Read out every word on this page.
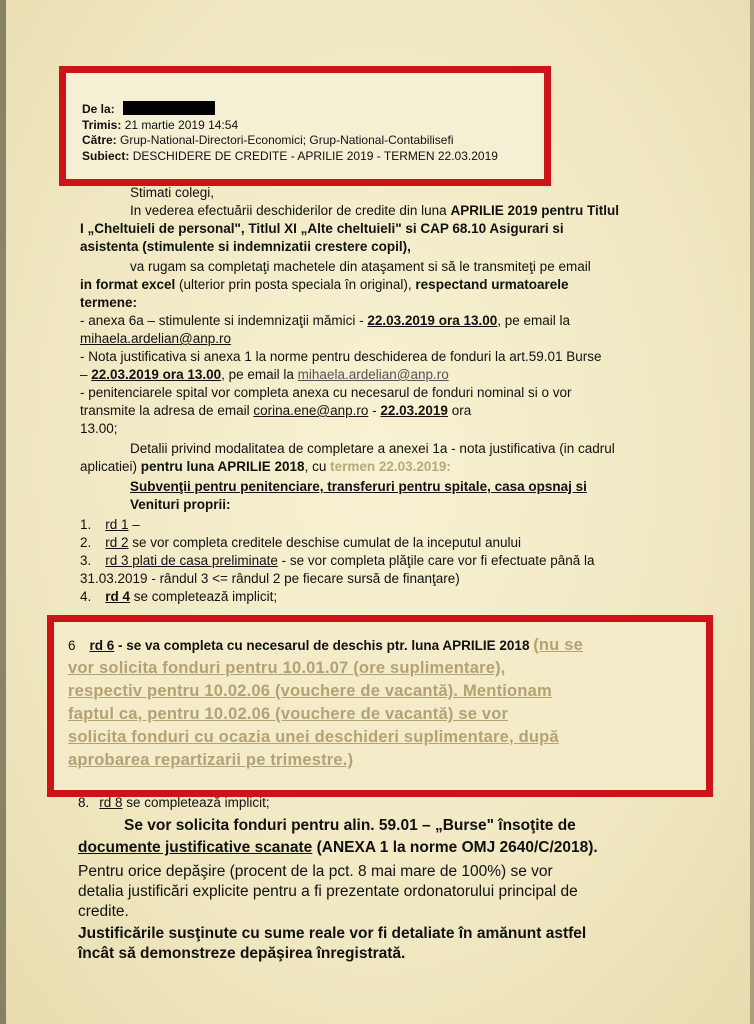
De la:
Trimis: 21 martie 2019 14:54
Către: Grup-National-Directori-Economici; Grup-National-Contabilisefi
Subiect: DESCHIDERE DE CREDITE - APRILIE 2019 - TERMEN 22.03.2019
Stimati colegi,
In vederea efectuării deschiderilor de credite din luna APRILIE 2019 pentru Titlul
I „Cheltuieli de personal", Titlul XI „Alte cheltuieli" si CAP 68.10 Asigurari si
asistenta (stimulente si indemnizatii crestere copil),
va rugam sa completaţi machetele din ataşament si să le transmiteţi pe email
in format excel (ulterior prin posta speciala în original), respectand urmatoarele
termene:
- anexa 6a – stimulente si indemnizaţii mămici - 22.03.2019 ora 13.00, pe email la
mihaela.ardelian@anp.ro
- Nota justificativa si anexa 1 la norme pentru deschiderea de fonduri la art.59.01 Burse
– 22.03.2019 ora 13.00, pe email la mihaela.ardelian@anp.ro
- penitenciarele spital vor completa anexa cu necesarul de fonduri nominal si o vor
transmite la adresa de email corina.ene@anp.ro - 22.03.2019 ora
13.00;
Detalii privind modalitatea de completare a anexei 1a - nota justificativa (in cadrul
aplicatiei) pentru luna APRILIE 2018, cu termen 22.03.2019:
Subvenţii pentru penitenciare, transferuri pentru spitale, casa opsnaj si
Venituri proprii:
1. rd 1 –
2. rd 2 se vor completa creditele deschise cumulat de la inceputul anului
3. rd 3 plati de casa preliminate - se vor completa plăţile care vor fi efectuate până la
31.03.2019 - rândul 3 <= rândul 2 pe fiecare sursă de finanţare)
4. rd 4 se completează implicit;
6 rd 6 - se va completa cu necesarul de deschis ptr. luna APRILIE 2018 (nu se
vor solicita fonduri pentru 10.01.07 (ore suplimentare),
respectiv pentru 10.02.06 (vouchere de vacantă). Mentionam
faptul ca, pentru 10.02.06 (vouchere de vacantă) se vor
solicita fonduri cu ocazia unei deschideri suplimentare, după
aprobarea repartizarii pe trimestre.)
8. rd 8 se completează implicit;
Se vor solicita fonduri pentru alin. 59.01 – „Burse" însoţite de
documente justificative scanate (ANEXA 1 la norme OMJ 2640/C/2018).
Pentru orice depăşire (procent de la pct. 8 mai mare de 100%) se vor
detalia justificări explicite pentru a fi prezentate ordonatorului principal de
credite.
Justificările susţinute cu sume reale vor fi detaliate în amănunt astfel
încât să demonstreze depăşirea înregistrată.
